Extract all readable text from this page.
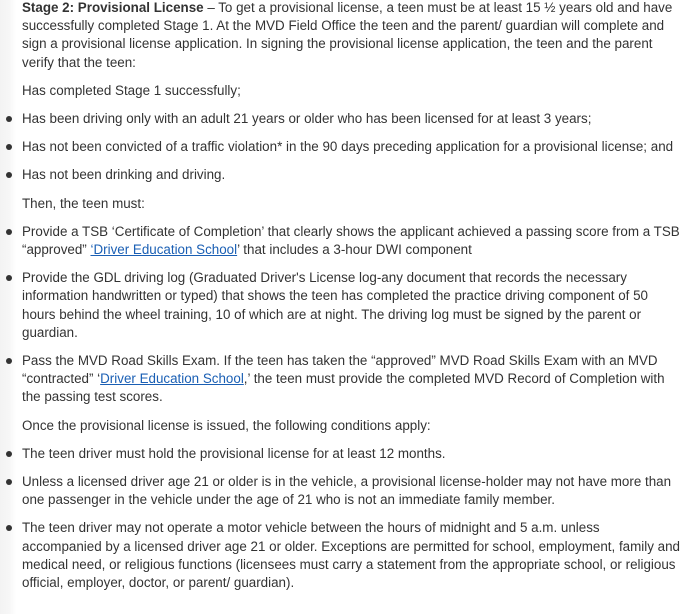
Stage 2: Provisional License – To get a provisional license, a teen must be at least 15 ½ years old and have successfully completed Stage 1. At the MVD Field Office the teen and the parent/ guardian will complete and sign a provisional license application. In signing the provisional license application, the teen and the parent verify that the teen:

Has completed Stage 1 successfully;

Has been driving only with an adult 21 years or older who has been licensed for at least 3 years;
Has not been convicted of a traffic violation* in the 90 days preceding application for a provisional license; and
Has not been drinking and driving.

Then, the teen must:

Provide a TSB ‘Certificate of Completion’ that clearly shows the applicant achieved a passing score from a TSB “approved” ‘Driver Education School’ that includes a 3-hour DWI component
Provide the GDL driving log (Graduated Driver's License log-any document that records the necessary information handwritten or typed) that shows the teen has completed the practice driving component of 50 hours behind the wheel training, 10 of which are at night. The driving log must be signed by the parent or guardian.
Pass the MVD Road Skills Exam. If the teen has taken the “approved” MVD Road Skills Exam with an MVD “contracted” ‘Driver Education School,’ the teen must provide the completed MVD Record of Completion with the passing test scores.

Once the provisional license is issued, the following conditions apply:

The teen driver must hold the provisional license for at least 12 months.
Unless a licensed driver age 21 or older is in the vehicle, a provisional license-holder may not have more than one passenger in the vehicle under the age of 21 who is not an immediate family member.
The teen driver may not operate a motor vehicle between the hours of midnight and 5 a.m. unless accompanied by a licensed driver age 21 or older. Exceptions are permitted for school, employment, family and medical need, or religious functions (licensees must carry a statement from the appropriate school, or religious official, employer, doctor, or parent/ guardian).
